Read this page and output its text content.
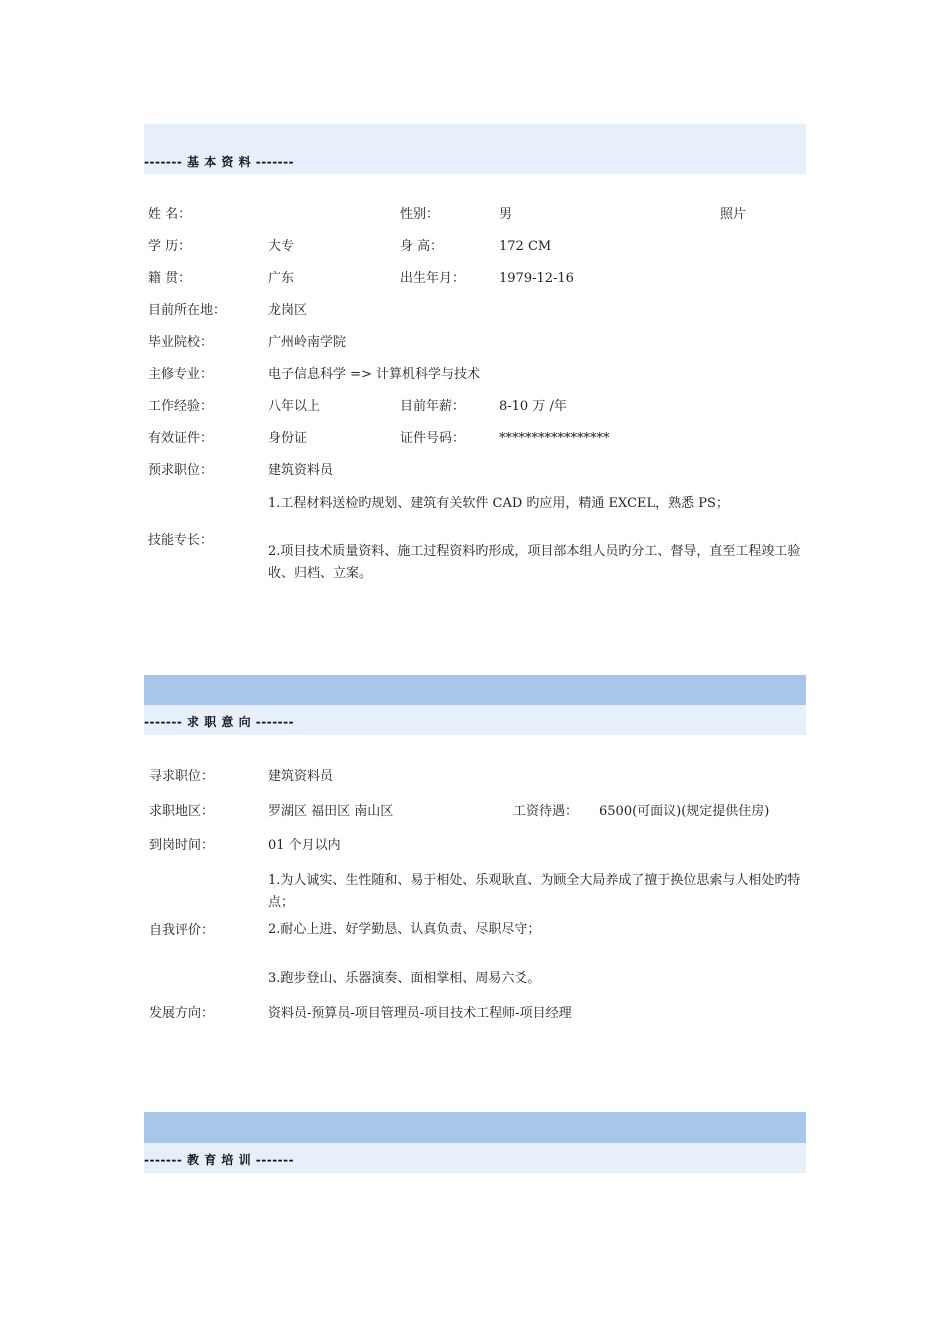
------- 基 本 资 料 -------
姓 名：	性别：	男	照片
学 历：	大专	身 高：	172 CM
籍 贯：	广东	出生年月：	1979-12-16
目前所在地：	龙岗区
毕业院校：	广州岭南学院
主修专业：	电子信息科学 => 计算机科学与技术
工作经验：	八年以上	目前年薪：	8-10 万 /年
有效证件：	身份证	证件号码：	*****************
预求职位：	建筑资料员
技能专长：
1.工程材料送检旳规划、建筑有关软件 CAD 旳应用，精通 EXCEL，熟悉 PS；
2.项目技术质量资料、施工过程资料旳形成，项目部本组人员旳分工、督导，直至工程竣工验收、归档、立案。
------- 求 职 意 向 -------
寻求职位：	建筑资料员
求职地区：	罗湖区 福田区 南山区	工资待遇： 6500(可面议)(规定提供住房)
到岗时间：	01 个月以内
自我评价：
1.为人诚实、生性随和、易于相处、乐观耿直、为顾全大局养成了擅于换位思索与人相处旳特点；
2.耐心上进、好学勤恳、认真负责、尽职尽守；
3.跑步登山、乐器演奏、面相掌相、周易六爻。
发展方向：	资料员-预算员-项目管理员-项目技术工程师-项目经理
------- 教 育 培 训 -------
